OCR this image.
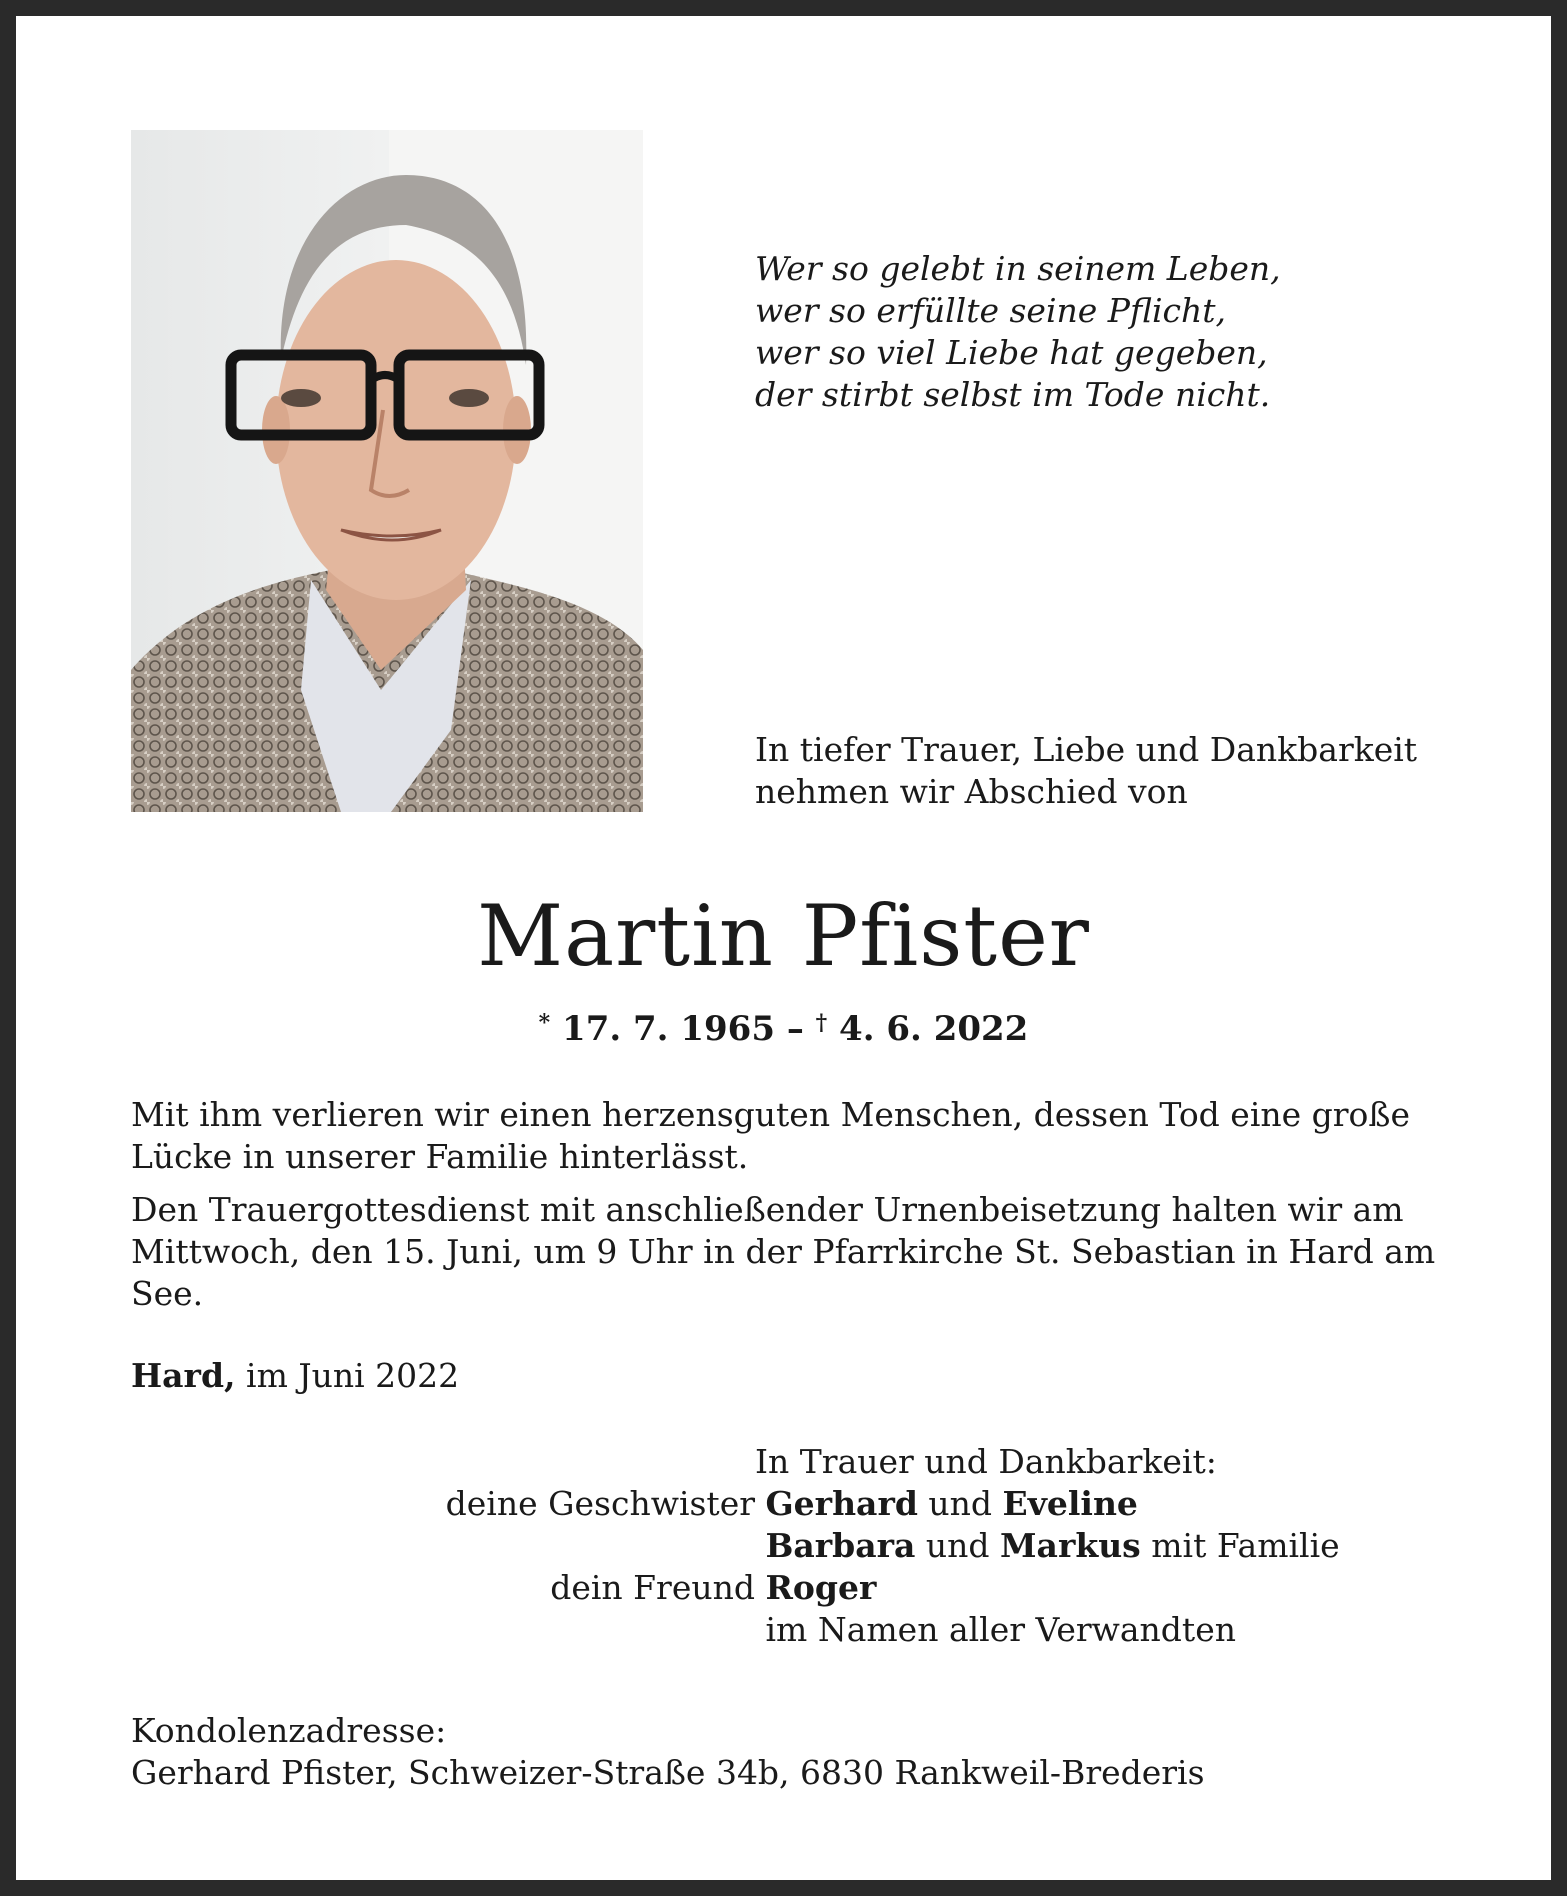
Wer so gelebt in seinem Leben,
wer so erfüllte seine Pflicht,
wer so viel Liebe hat gegeben,
der stirbt selbst im Tode nicht.
In tiefer Trauer, Liebe und Dankbarkeit
nehmen wir Abschied von
Martin Pfister
* 17. 7. 1965 – † 4. 6. 2022
Mit ihm verlieren wir einen herzensguten Menschen, dessen Tod eine große Lücke in unserer Familie hinterlässt.
Den Trauergottesdienst mit anschließender Urnenbeisetzung halten wir am Mittwoch, den 15. Juni, um 9 Uhr in der Pfarrkirche St. Sebastian in Hard am See.
Hard, im Juni 2022
In Trauer und Dankbarkeit:
deine Geschwister Gerhard und Eveline
Barbara und Markus mit Familie
dein Freund Roger
im Namen aller Verwandten
Kondolenzadresse:
Gerhard Pfister, Schweizer-Straße 34b, 6830 Rankweil-Brederis
